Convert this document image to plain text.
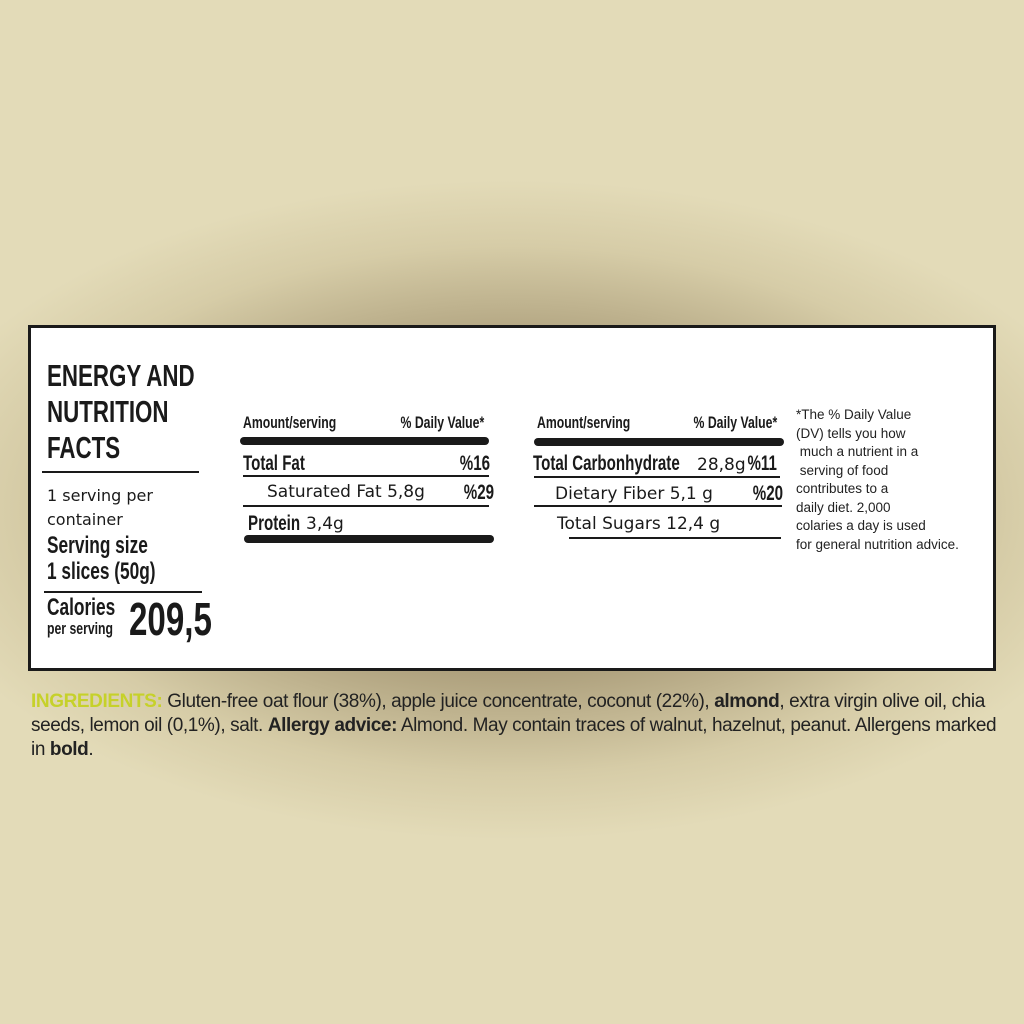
ENERGY AND
NUTRITION
FACTS
1 serving per
container
Serving size
1 slices (50g)
Calories
per serving 209,5
Amount/serving	% Daily Value*
Total Fat	%16
Saturated Fat 5,8g	%29
Protein 3,4g
Amount/serving	% Daily Value*
Total Carbonhydrate	28,8g %11
Dietary Fiber 5,1 g	%20
Total Sugars 12,4 g
*The % Daily Value
(DV) tells you how
much a nutrient in a
serving of food
contributes to a
daily diet. 2,000
colaries a day is used
for general nutrition advice.
INGREDIENTS: Gluten-free oat flour (38%), apple juice concentrate, coconut (22%), almond, extra virgin olive oil, chia seeds, lemon oil (0,1%), salt. Allergy advice: Almond. May contain traces of walnut, hazelnut, peanut. Allergens marked in bold.
